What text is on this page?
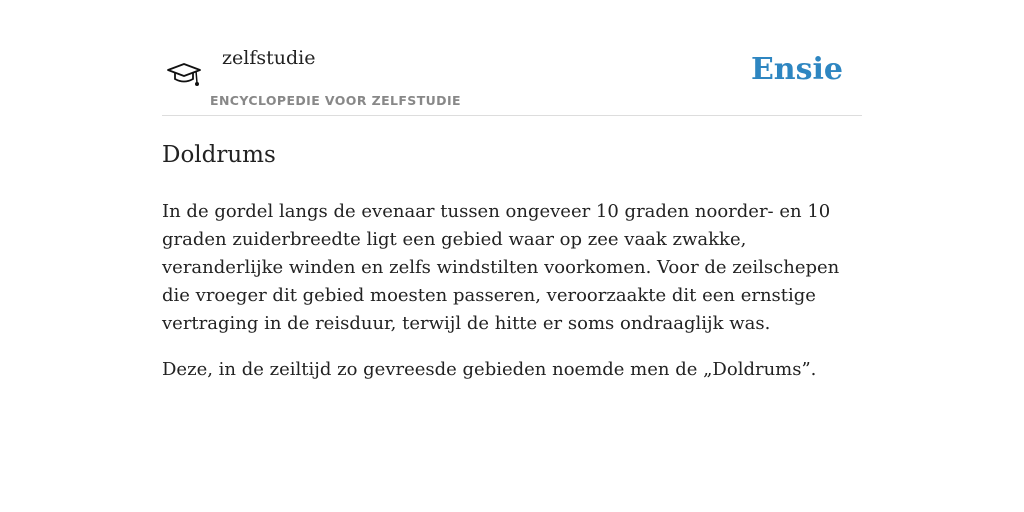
zelfstudie
ENCYCLOPEDIE VOOR ZELFSTUDIE
Ensie
Doldrums

In de gordel langs de evenaar tussen ongeveer 10 graden noorder- en 10 graden zuiderbreedte ligt een gebied waar op zee vaak zwakke, veranderlijke winden en zelfs windstilten voorkomen. Voor de zeilschepen die vroeger dit gebied moesten passeren, veroorzaakte dit een ernstige vertraging in de reisduur, terwijl de hitte er soms ondraaglijk was.

Deze, in de zeiltijd zo gevreesde gebieden noemde men de „Doldrums”.
